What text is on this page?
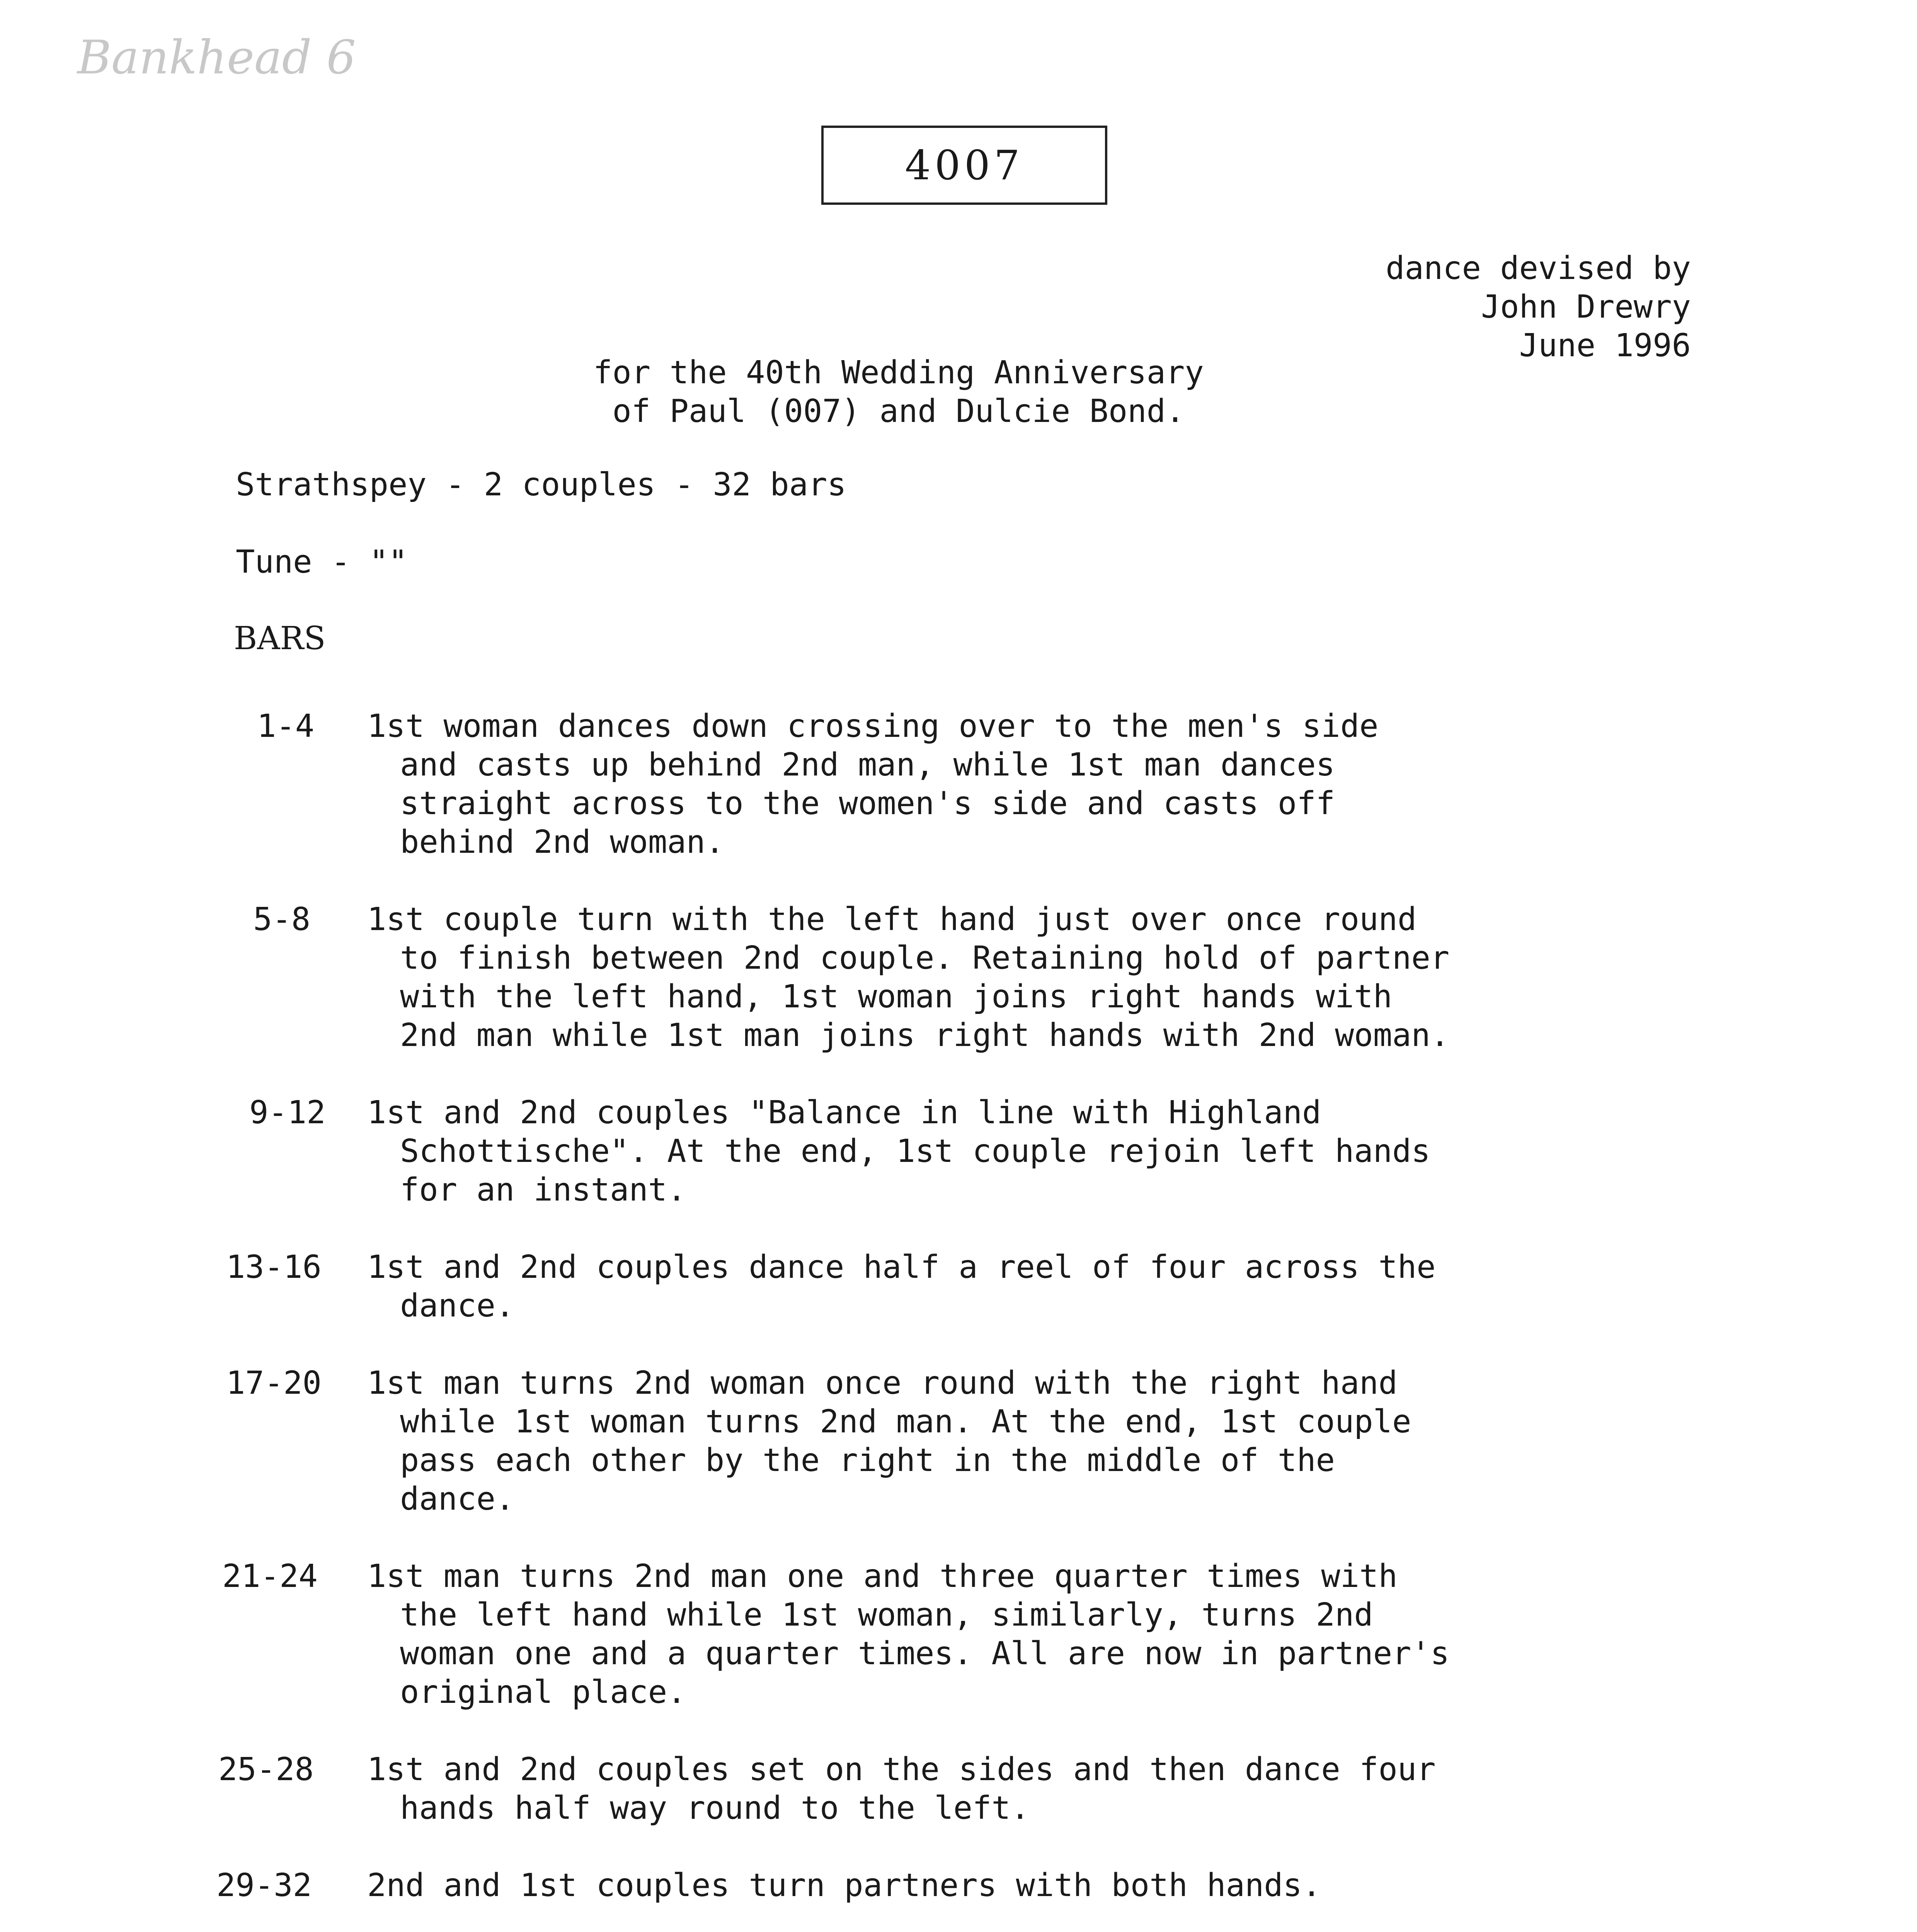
Bankhead 6
4007
dance devised by
John Drewry
June 1996
for the 40th Wedding Anniversary
of Paul (007) and Dulcie Bond.
Strathspey - 2 couples - 32 bars
Tune - ""
BARS
1-4 1st woman dances down crossing over to the men's side
and casts up behind 2nd man, while 1st man dances
straight across to the women's side and casts off
behind 2nd woman.
5-8 1st couple turn with the left hand just over once round
to finish between 2nd couple. Retaining hold of partner
with the left hand, 1st woman joins right hands with
2nd man while 1st man joins right hands with 2nd woman.
9-12 1st and 2nd couples "Balance in line with Highland
Schottische". At the end, 1st couple rejoin left hands
for an instant.
13-16 1st and 2nd couples dance half a reel of four across the
dance.
17-20 1st man turns 2nd woman once round with the right hand
while 1st woman turns 2nd man. At the end, 1st couple
pass each other by the right in the middle of the
dance.
21-24 1st man turns 2nd man one and three quarter times with
the left hand while 1st woman, similarly, turns 2nd
woman one and a quarter times. All are now in partner's
original place.
25-28 1st and 2nd couples set on the sides and then dance four
hands half way round to the left.
29-32 2nd and 1st couples turn partners with both hands.
